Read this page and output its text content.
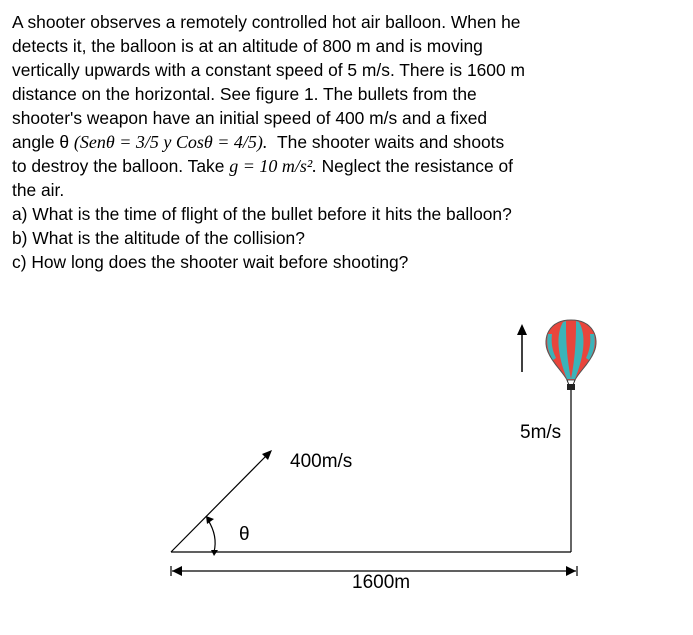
A shooter observes a remotely controlled hot air balloon. When he
detects it, the balloon is at an altitude of 800 m and is moving
vertically upwards with a constant speed of 5 m/s. There is 1600 m
distance on the horizontal. See figure 1. The bullets from the
shooter's weapon have an initial speed of 400 m/s and a fixed
angle θ (Senθ = 3/5 y Cosθ = 4/5).  The shooter waits and shoots
to destroy the balloon. Take g = 10 m/s². Neglect the resistance of
the air.
a) What is the time of flight of the bullet before it hits the balloon?
b) What is the altitude of the collision?
c) How long does the shooter wait before shooting?
θ
400m/s
5m/s
1600m
